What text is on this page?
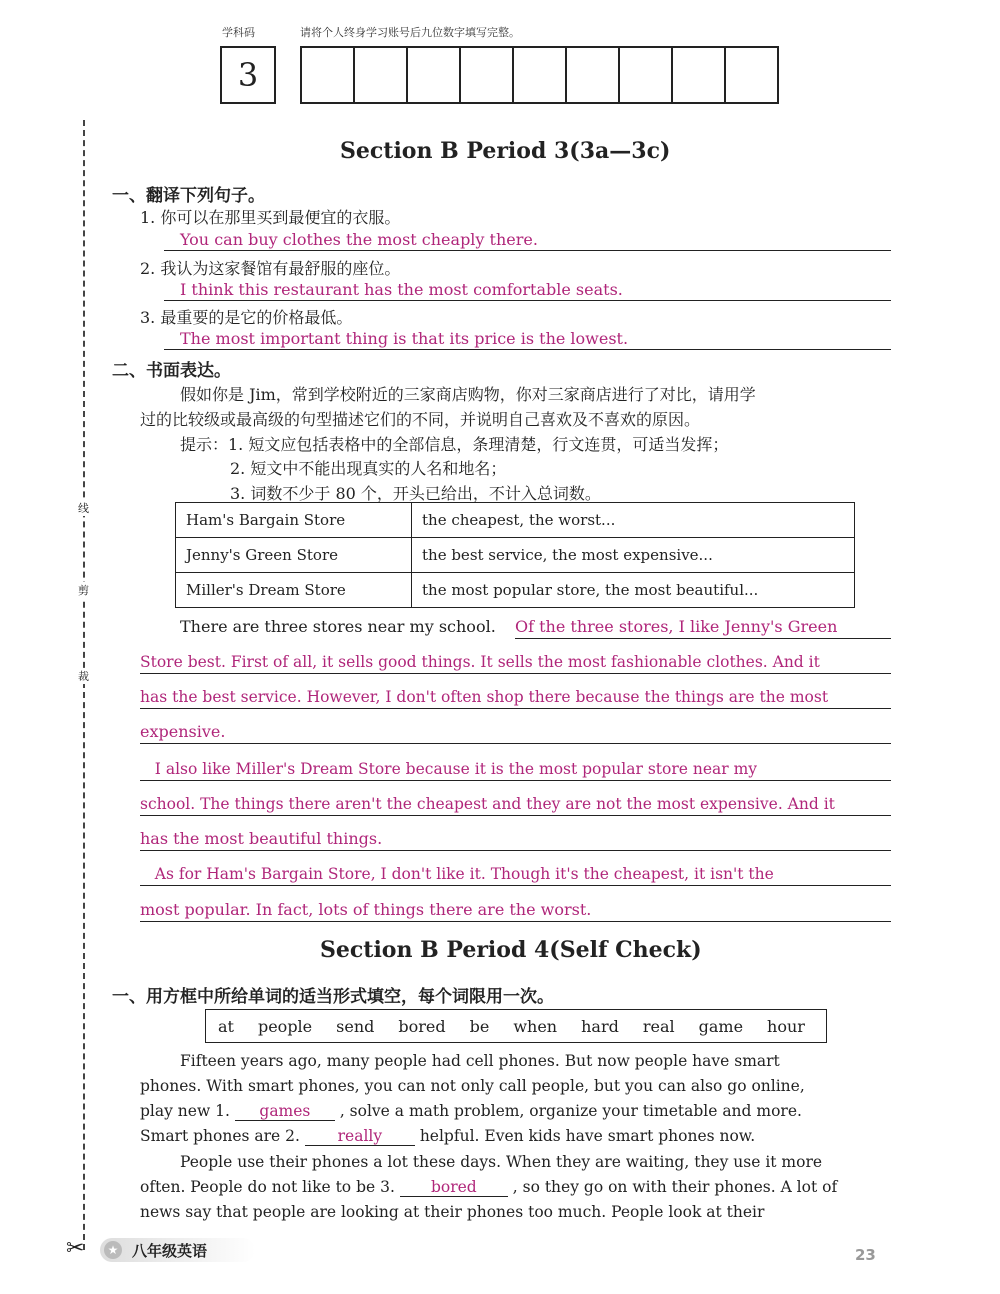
学科码	请将个人终身学习账号后九位数字填写完整。
3
线
剪
裁
Section B Period 3(3a—3c)
一、翻译下列句子。
1. 你可以在那里买到最便宜的衣服。
You can buy clothes the most cheaply there.
2. 我认为这家餐馆有最舒服的座位。
I think this restaurant has the most comfortable seats.
3. 最重要的是它的价格最低。
The most important thing is that its price is the lowest.
二、书面表达。
假如你是 Jim，常到学校附近的三家商店购物，你对三家商店进行了对比，请用学
过的比较级或最高级的句型描述它们的不同，并说明自己喜欢及不喜欢的原因。
提示：1. 短文应包括表格中的全部信息，条理清楚，行文连贯，可适当发挥；
2. 短文中不能出现真实的人名和地名；
3. 词数不少于 80 个，开头已给出，不计入总词数。
Ham's Bargain Store	the cheapest, the worst...
Jenny's Green Store	the best service, the most expensive...
Miller's Dream Store	the most popular store, the most beautiful...
There are three stores near my school. Of the three stores, I like Jenny's Green
Store best. First of all, it sells good things. It sells the most fashionable clothes. And it
has the best service. However, I don't often shop there because the things are the most
expensive.
I also like Miller's Dream Store because it is the most popular store near my
school. The things there aren't the cheapest and they are not the most expensive. And it
has the most beautiful things.
As for Ham's Bargain Store, I don't like it. Though it's the cheapest, it isn't the
most popular. In fact, lots of things there are the worst.
Section B Period 4(Self Check)
一、用方框中所给单词的适当形式填空，每个词限用一次。
at people send bored be when hard real game hour
Fifteen years ago, many people had cell phones. But now people have smart
phones. With smart phones, you can not only call people, but you can also go online,
play new 1. games , solve a math problem, organize your timetable and more.
Smart phones are 2. really helpful. Even kids have smart phones now.
People use their phones a lot these days. When they are waiting, they use it more
often. People do not like to be 3. bored , so they go on with their phones. A lot of
news say that people are looking at their phones too much. People look at their
✂	★ 八年级英语	23
